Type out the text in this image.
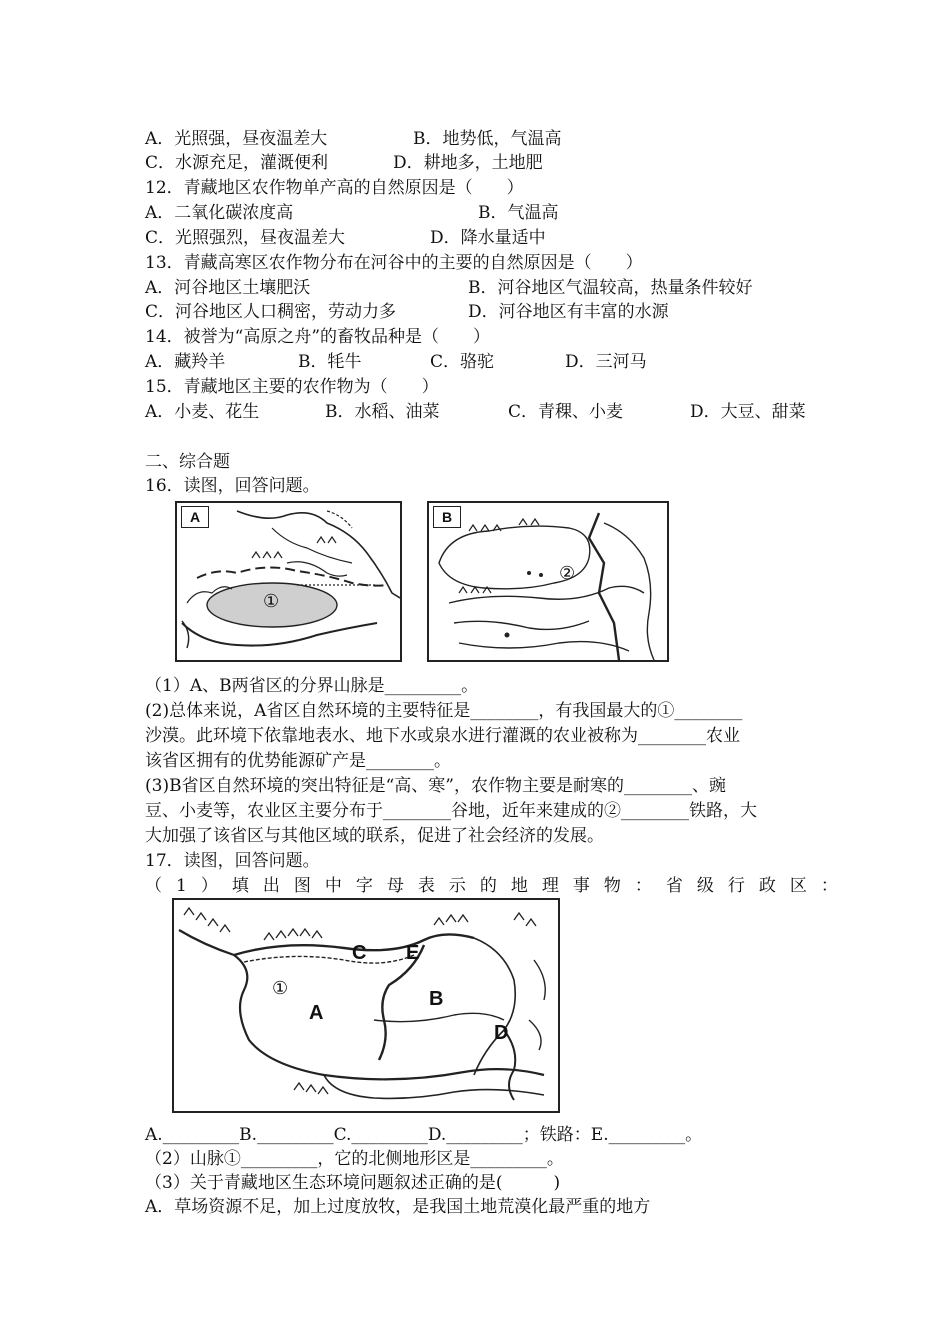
A．光照强，昼夜温差大	B．地势低，气温高
C．水源充足，灌溉便利	D．耕地多，土地肥
12．青藏地区农作物单产高的自然原因是（　　）
A．二氧化碳浓度高	B．气温高
C．光照强烈，昼夜温差大	D．降水量适中
13．青藏高寒区农作物分布在河谷中的主要的自然原因是（　　）
A．河谷地区土壤肥沃	B．河谷地区气温较高，热量条件较好
C．河谷地区人口稠密，劳动力多	D．河谷地区有丰富的水源
14．被誉为“高原之舟”的畜牧品种是（　　）
A．藏羚羊	B．牦牛	C．骆驼	D．三河马
15．青藏地区主要的农作物为（　　）
A．小麦、花生	B．水稻、油菜	C．青稞、小麦	D．大豆、甜菜
二、综合题
16．读图，回答问题。
A
①
B
②
（1）A、B两省区的分界山脉是_________。
(2)总体来说，A省区自然环境的主要特征是________，有我国最大的①________
沙漠。此环境下依靠地表水、地下水或泉水进行灌溉的农业被称为________农业
该省区拥有的优势能源矿产是________。
(3)B省区自然环境的突出特征是“高、寒”，农作物主要是耐寒的________、豌
豆、小麦等，农业区主要分布于________谷地，近年来建成的②________铁路，大
大加强了该省区与其他区域的联系，促进了社会经济的发展。
17．读图，回答问题。
（1）填出图中字母表示的地理事物：省级行政区：
A
B
C
D
E
①
A._________B._________C._________D._________；铁路：E._________。
（2）山脉①_________，它的北侧地形区是_________。
（3）关于青藏地区生态环境问题叙述正确的是(　　　)
A．草场资源不足，加上过度放牧，是我国土地荒漠化最严重的地方
